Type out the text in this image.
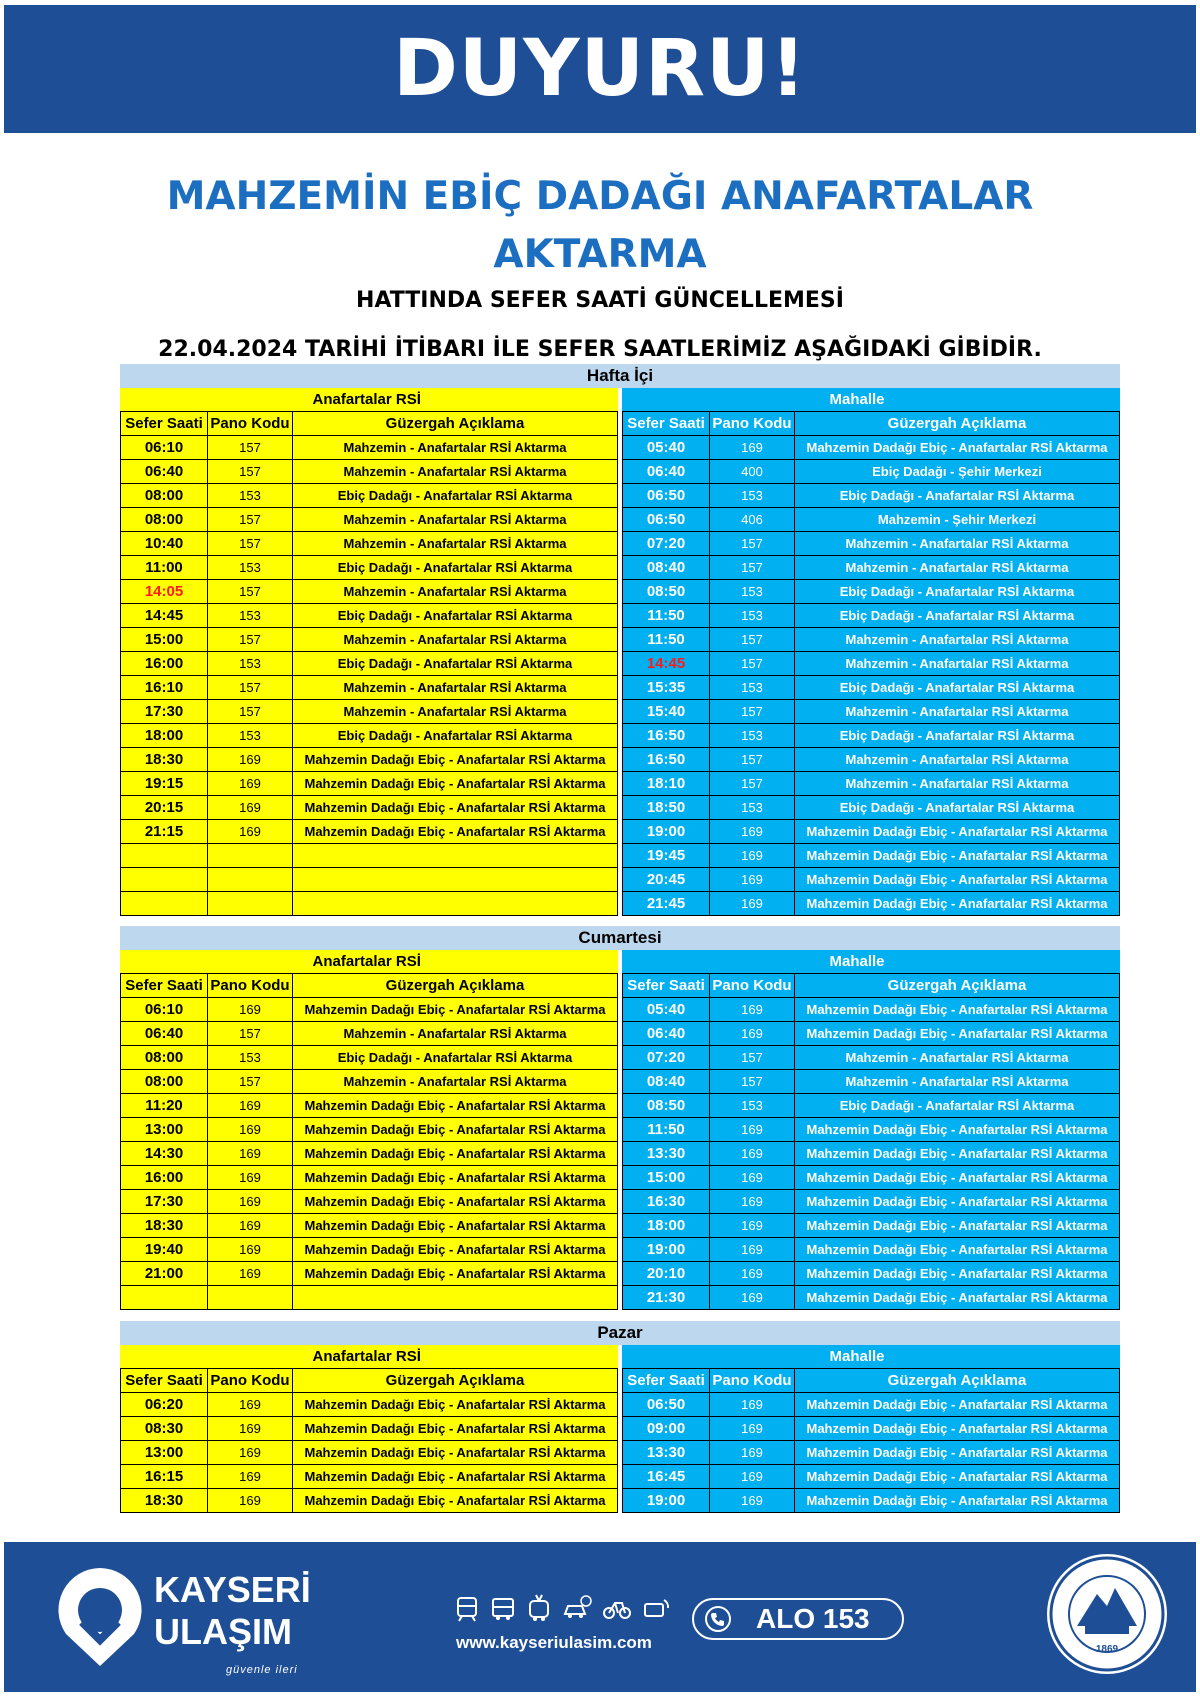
DUYURU!
MAHZEMİN EBİÇ DADAĞI ANAFARTALAR
AKTARMA
HATTINDA SEFER SAATİ GÜNCELLEMESİ
22.04.2024 TARİHİ İTİBARI İLE SEFER SAATLERİMİZ AŞAĞIDAKİ GİBİDİR.
Hafta İçi
		Anafartalar RSİ
Sefer Saati	Pano Kodu	Güzergah Açıklama
06:10	157	Mahzemin - Anafartalar RSİ Aktarma
06:40	157	Mahzemin - Anafartalar RSİ Aktarma
08:00	153	Ebiç Dadağı - Anafartalar RSİ Aktarma
08:00	157	Mahzemin - Anafartalar RSİ Aktarma
10:40	157	Mahzemin - Anafartalar RSİ Aktarma
11:00	153	Ebiç Dadağı - Anafartalar RSİ Aktarma
14:05	157	Mahzemin - Anafartalar RSİ Aktarma
14:45	153	Ebiç Dadağı - Anafartalar RSİ Aktarma
15:00	157	Mahzemin - Anafartalar RSİ Aktarma
16:00	153	Ebiç Dadağı - Anafartalar RSİ Aktarma
16:10	157	Mahzemin - Anafartalar RSİ Aktarma
17:30	157	Mahzemin - Anafartalar RSİ Aktarma
18:00	153	Ebiç Dadağı - Anafartalar RSİ Aktarma
18:30	169	Mahzemin Dadağı Ebiç - Anafartalar RSİ Aktarma
19:15	169	Mahzemin Dadağı Ebiç - Anafartalar RSİ Aktarma
20:15	169	Mahzemin Dadağı Ebiç - Anafartalar RSİ Aktarma
21:15	169	Mahzemin Dadağı Ebiç - Anafartalar RSİ Aktarma

		Mahalle
Sefer Saati	Pano Kodu	Güzergah Açıklama
05:40	169	Mahzemin Dadağı Ebiç - Anafartalar RSİ Aktarma
06:40	400	Ebiç Dadağı - Şehir Merkezi
06:50	153	Ebiç Dadağı - Anafartalar RSİ Aktarma
06:50	406	Mahzemin - Şehir Merkezi
07:20	157	Mahzemin - Anafartalar RSİ Aktarma
08:40	157	Mahzemin - Anafartalar RSİ Aktarma
08:50	153	Ebiç Dadağı - Anafartalar RSİ Aktarma
11:50	153	Ebiç Dadağı - Anafartalar RSİ Aktarma
11:50	157	Mahzemin - Anafartalar RSİ Aktarma
14:45	157	Mahzemin - Anafartalar RSİ Aktarma
15:35	153	Ebiç Dadağı - Anafartalar RSİ Aktarma
15:40	157	Mahzemin - Anafartalar RSİ Aktarma
16:50	153	Ebiç Dadağı - Anafartalar RSİ Aktarma
16:50	157	Mahzemin - Anafartalar RSİ Aktarma
18:10	157	Mahzemin - Anafartalar RSİ Aktarma
18:50	153	Ebiç Dadağı - Anafartalar RSİ Aktarma
19:00	169	Mahzemin Dadağı Ebiç - Anafartalar RSİ Aktarma
19:45	169	Mahzemin Dadağı Ebiç - Anafartalar RSİ Aktarma
20:45	169	Mahzemin Dadağı Ebiç - Anafartalar RSİ Aktarma
21:45	169	Mahzemin Dadağı Ebiç - Anafartalar RSİ Aktarma
Cumartesi
		Anafartalar RSİ
Sefer Saati	Pano Kodu	Güzergah Açıklama
06:10	169	Mahzemin Dadağı Ebiç - Anafartalar RSİ Aktarma
06:40	157	Mahzemin - Anafartalar RSİ Aktarma
08:00	153	Ebiç Dadağı - Anafartalar RSİ Aktarma
08:00	157	Mahzemin - Anafartalar RSİ Aktarma
11:20	169	Mahzemin Dadağı Ebiç - Anafartalar RSİ Aktarma
13:00	169	Mahzemin Dadağı Ebiç - Anafartalar RSİ Aktarma
14:30	169	Mahzemin Dadağı Ebiç - Anafartalar RSİ Aktarma
16:00	169	Mahzemin Dadağı Ebiç - Anafartalar RSİ Aktarma
17:30	169	Mahzemin Dadağı Ebiç - Anafartalar RSİ Aktarma
18:30	169	Mahzemin Dadağı Ebiç - Anafartalar RSİ Aktarma
19:40	169	Mahzemin Dadağı Ebiç - Anafartalar RSİ Aktarma
21:00	169	Mahzemin Dadağı Ebiç - Anafartalar RSİ Aktarma

		Mahalle
Sefer Saati	Pano Kodu	Güzergah Açıklama
05:40	169	Mahzemin Dadağı Ebiç - Anafartalar RSİ Aktarma
06:40	169	Mahzemin Dadağı Ebiç - Anafartalar RSİ Aktarma
07:20	157	Mahzemin - Anafartalar RSİ Aktarma
08:40	157	Mahzemin - Anafartalar RSİ Aktarma
08:50	153	Ebiç Dadağı - Anafartalar RSİ Aktarma
11:50	169	Mahzemin Dadağı Ebiç - Anafartalar RSİ Aktarma
13:30	169	Mahzemin Dadağı Ebiç - Anafartalar RSİ Aktarma
15:00	169	Mahzemin Dadağı Ebiç - Anafartalar RSİ Aktarma
16:30	169	Mahzemin Dadağı Ebiç - Anafartalar RSİ Aktarma
18:00	169	Mahzemin Dadağı Ebiç - Anafartalar RSİ Aktarma
19:00	169	Mahzemin Dadağı Ebiç - Anafartalar RSİ Aktarma
20:10	169	Mahzemin Dadağı Ebiç - Anafartalar RSİ Aktarma
21:30	169	Mahzemin Dadağı Ebiç - Anafartalar RSİ Aktarma
Pazar
		Anafartalar RSİ
Sefer Saati	Pano Kodu	Güzergah Açıklama
06:20	169	Mahzemin Dadağı Ebiç - Anafartalar RSİ Aktarma
08:30	169	Mahzemin Dadağı Ebiç - Anafartalar RSİ Aktarma
13:00	169	Mahzemin Dadağı Ebiç - Anafartalar RSİ Aktarma
16:15	169	Mahzemin Dadağı Ebiç - Anafartalar RSİ Aktarma
18:30	169	Mahzemin Dadağı Ebiç - Anafartalar RSİ Aktarma
		Mahalle
Sefer Saati	Pano Kodu	Güzergah Açıklama
06:50	169	Mahzemin Dadağı Ebiç - Anafartalar RSİ Aktarma
09:00	169	Mahzemin Dadağı Ebiç - Anafartalar RSİ Aktarma
13:30	169	Mahzemin Dadağı Ebiç - Anafartalar RSİ Aktarma
16:45	169	Mahzemin Dadağı Ebiç - Anafartalar RSİ Aktarma
19:00	169	Mahzemin Dadağı Ebiç - Anafartalar RSİ Aktarma
KAYSERİ
ULAŞIM
güvenle ileri
www.kayseriulasim.com
ALO 153
1869
